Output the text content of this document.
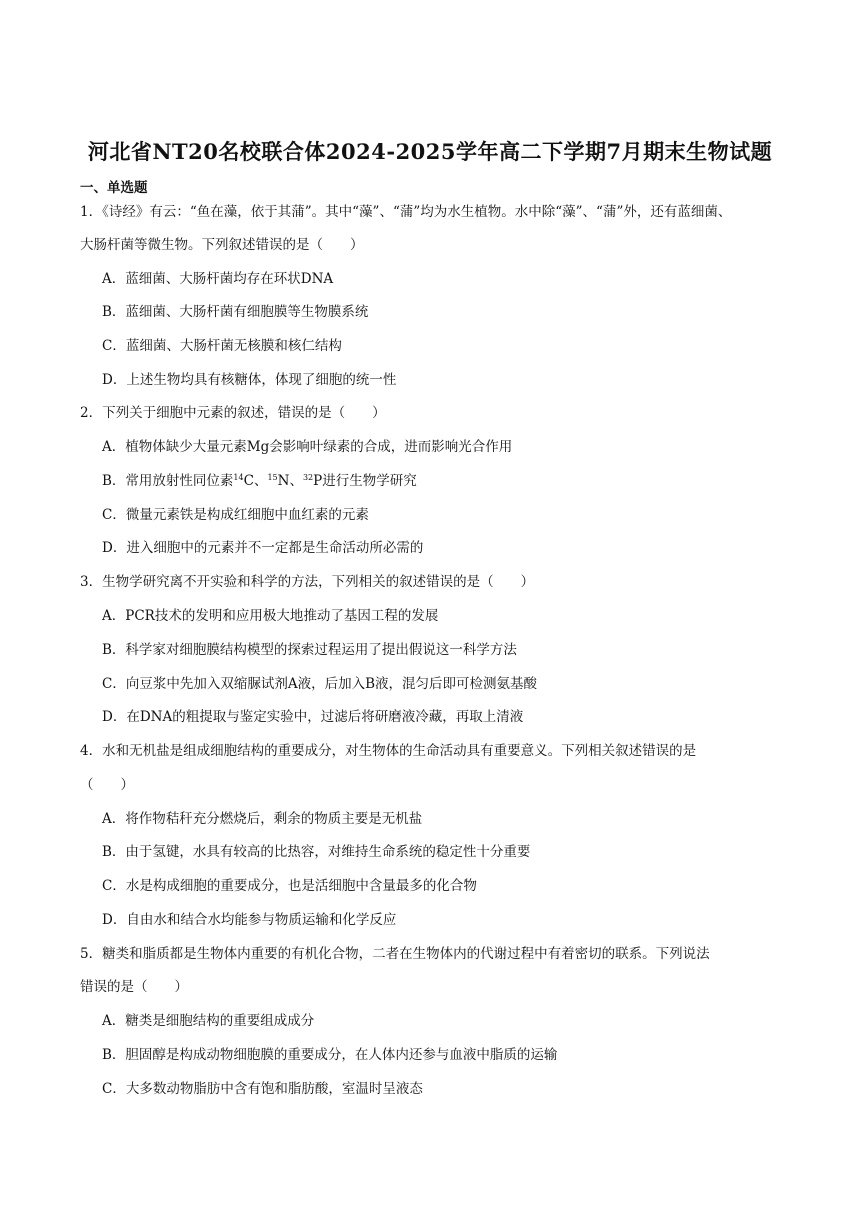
河北省NT20名校联合体2024-2025学年高二下学期7月期末生物试题
一、单选题
1．《诗经》有云：“鱼在藻，依于其蒲”。其中“藻”、“蒲”均为水生植物。水中除“藻”、“蒲”外，还有蓝细菌、
大肠杆菌等微生物。下列叙述错误的是（　　）
A．蓝细菌、大肠杆菌均存在环状DNA
B．蓝细菌、大肠杆菌有细胞膜等生物膜系统
C．蓝细菌、大肠杆菌无核膜和核仁结构
D．上述生物均具有核糖体，体现了细胞的统一性
2．下列关于细胞中元素的叙述，错误的是（　　）
A．植物体缺少大量元素Mg会影响叶绿素的合成，进而影响光合作用
B．常用放射性同位素$^{14}$C、$^{15}$N、$^{32}$P进行生物学研究
C．微量元素铁是构成红细胞中血红素的元素
D．进入细胞中的元素并不一定都是生命活动所必需的
3．生物学研究离不开实验和科学的方法，下列相关的叙述错误的是（　　）
A．PCR技术的发明和应用极大地推动了基因工程的发展
B．科学家对细胞膜结构模型的探索过程运用了提出假说这一科学方法
C．向豆浆中先加入双缩脲试剂A液，后加入B液，混匀后即可检测氨基酸
D．在DNA的粗提取与鉴定实验中，过滤后将研磨液冷藏，再取上清液
4．水和无机盐是组成细胞结构的重要成分，对生物体的生命活动具有重要意义。下列相关叙述错误的是
（　　）
A．将作物秸秆充分燃烧后，剩余的物质主要是无机盐
B．由于氢键，水具有较高的比热容，对维持生命系统的稳定性十分重要
C．水是构成细胞的重要成分，也是活细胞中含量最多的化合物
D．自由水和结合水均能参与物质运输和化学反应
5．糖类和脂质都是生物体内重要的有机化合物，二者在生物体内的代谢过程中有着密切的联系。下列说法
错误的是（　　）
A．糖类是细胞结构的重要组成成分
B．胆固醇是构成动物细胞膜的重要成分，在人体内还参与血液中脂质的运输
C．大多数动物脂肪中含有饱和脂肪酸，室温时呈液态
